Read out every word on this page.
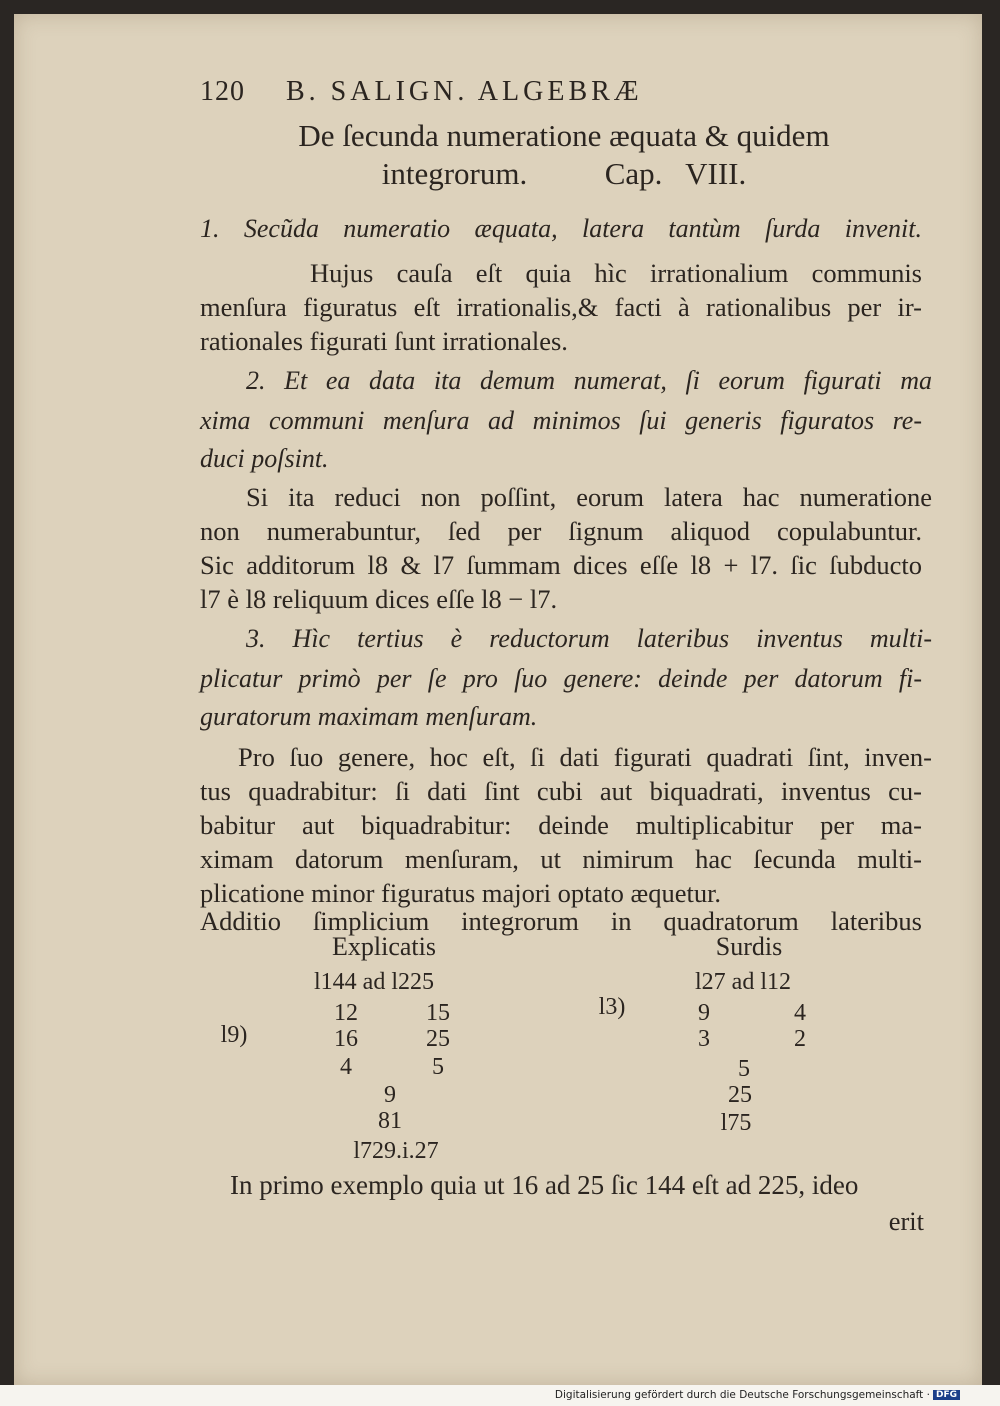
120 B. SALIGN. ALGEBRÆ
De ſecunda numeratione æquata & quidem
integrorum.          Cap.   VIII.
1. Secũda numeratio æquata, latera tantùm ſurda invenit.
Hujus cauſa eſt quia hìc irrationalium communis
menſura figuratus eſt irrationalis,& facti à rationalibus per ir-
rationales figurati ſunt irrationales.
2. Et ea data ita demum numerat, ſi eorum figurati ma
xima communi menſura ad minimos ſui generis figuratos re-
duci poſsint.
Si ita reduci non poſſint, eorum latera hac numeratione
non numerabuntur, ſed per ſignum aliquod copulabuntur.
Sic additorum l8 & l7 ſummam dices eſſe l8 + l7. ſic ſubducto
l7 è l8 reliquum dices eſſe l8 − l7.
3. Hìc tertius è reductorum lateribus inventus multi-
plicatur primò per ſe pro ſuo genere: deinde per datorum fi-
guratorum maximam menſuram.
Pro ſuo genere, hoc eſt, ſi dati figurati quadrati ſint, inven-
tus quadrabitur: ſi dati ſint cubi aut biquadrati, inventus cu-
babitur aut biquadrabitur: deinde multiplicabitur per ma-
ximam datorum menſuram, ut nimirum hac ſecunda multi-
plicatione minor figuratus majori optato æquetur.
Additio ſimplicium integrorum in quadratorum lateribus
Explicatis
l144 ad l225
12	15
l9)	16	25
4	5
9
81
l729.i.27
Surdis
l27 ad l12
l3)	9	4
3	2
5
25
l75
In primo exemplo quia ut 16 ad 25 ſic 144 eſt ad 225, ideo
erit
Digitalisierung gefördert durch die Deutsche Forschungsgemeinschaft · DFG
